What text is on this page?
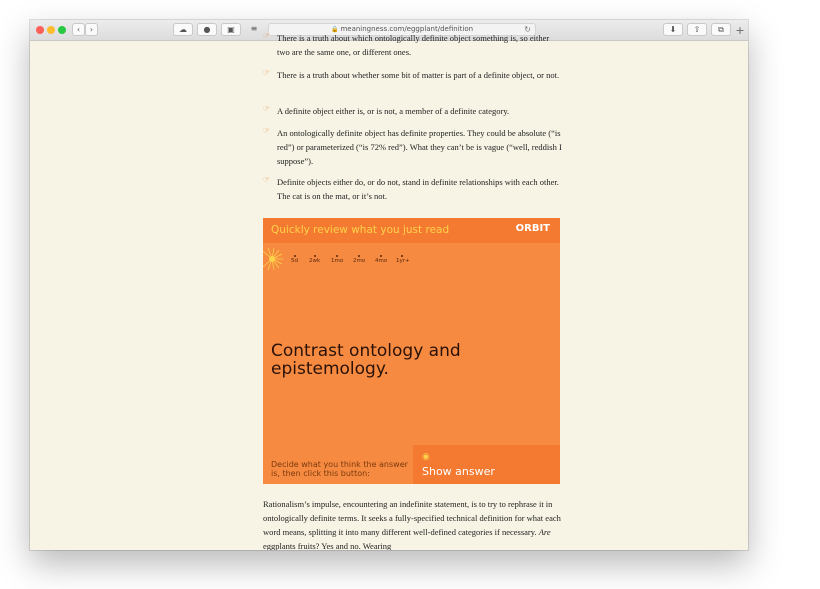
‹	›	☁	●	▣	≡	🔒 meaningness.com/eggplant/definition	↻	⬇	⇧	⧉	+
☞ There is a truth about which ontologically definite object something is, so either two are the same one, or different ones.
☞ There is a truth about whether some bit of matter is part of a definite object, or not.
☞ A definite object either is, or is not, a member of a definite category.
☞ An ontologically definite object has definite properties. They could be absolute (“is red”) or parameterized (“is 72% red”). What they can’t be is vague (“well, reddish I suppose”).
☞ Definite objects either do, or do not, stand in definite relationships with each other. The cat is on the mat, or it’s not.
Quickly review what you just read	ORBIT
5d 2wk 1mo 2mo 4mo 1yr+
Contrast ontology and epistemology.
Decide what you think the answer is, then click this button:
◉
Show answer
Rationalism’s impulse, encountering an indefinite statement, is to try to rephrase it in ontologically definite terms. It seeks a fully-specified technical definition for what each word means, splitting it into many different well-defined categories if necessary. Are eggplants fruits? Yes and no. Wearing
